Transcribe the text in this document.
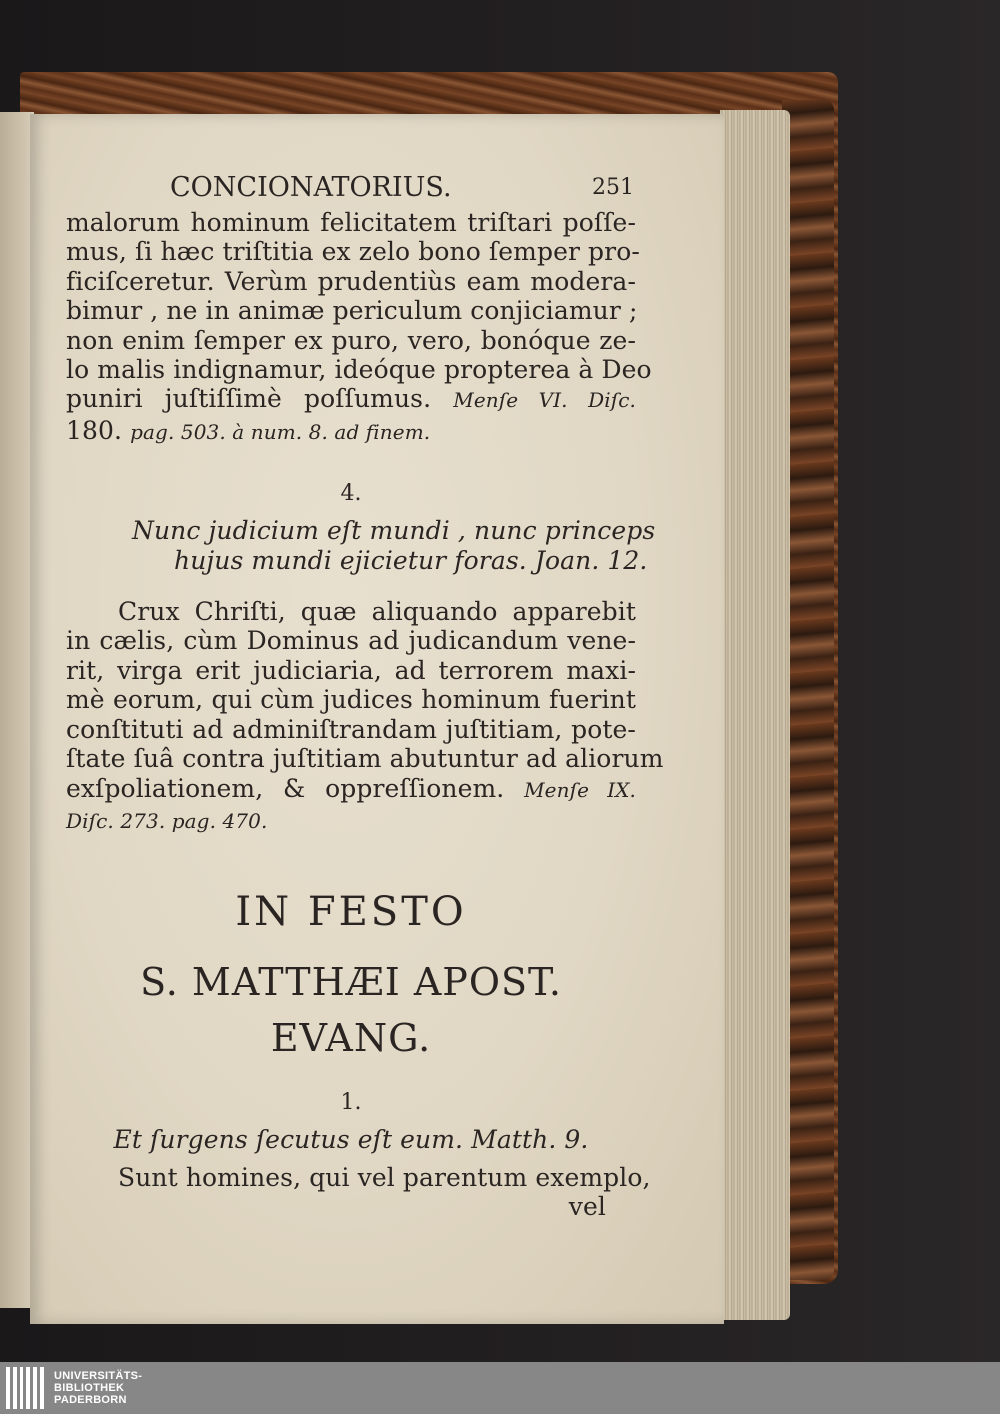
CONCIONATORIUS.	251
malorum hominum felicitatem triſtari poſſe-
mus, ſi hæc triſtitia ex zelo bono ſemper pro-
ficiſceretur. Verùm prudentiùs eam modera-
bimur , ne in animæ periculum conjiciamur ;
non enim ſemper ex puro, vero, bonóque ze-
lo malis indignamur, ideóque propterea à Deo
puniri juſtiſſimè poſſumus. Menſe VI. Diſc.
180. pag. 503. à num. 8. ad finem.
4.
Nunc judicium eſt mundi , nunc princeps
hujus mundi ejicietur foras. Joan. 12.
Crux Chriſti, quæ aliquando apparebit
in cælis, cùm Dominus ad judicandum vene-
rit, virga erit judiciaria, ad terrorem maxi-
mè eorum, qui cùm judices hominum fuerint
conſtituti ad adminiſtrandam juſtitiam, pote-
ſtate ſuâ contra juſtitiam abutuntur ad aliorum
exſpoliationem, & oppreſſionem. Menſe IX.
Diſc. 273. pag. 470.
IN FESTO
S. MATTHÆI APOST. EVANG.
1.
Et ſurgens ſecutus eſt eum. Matth. 9.
Sunt homines, qui vel parentum exemplo,
vel
UNIVERSITÄTS-
BIBLIOTHEK
PADERBORN
